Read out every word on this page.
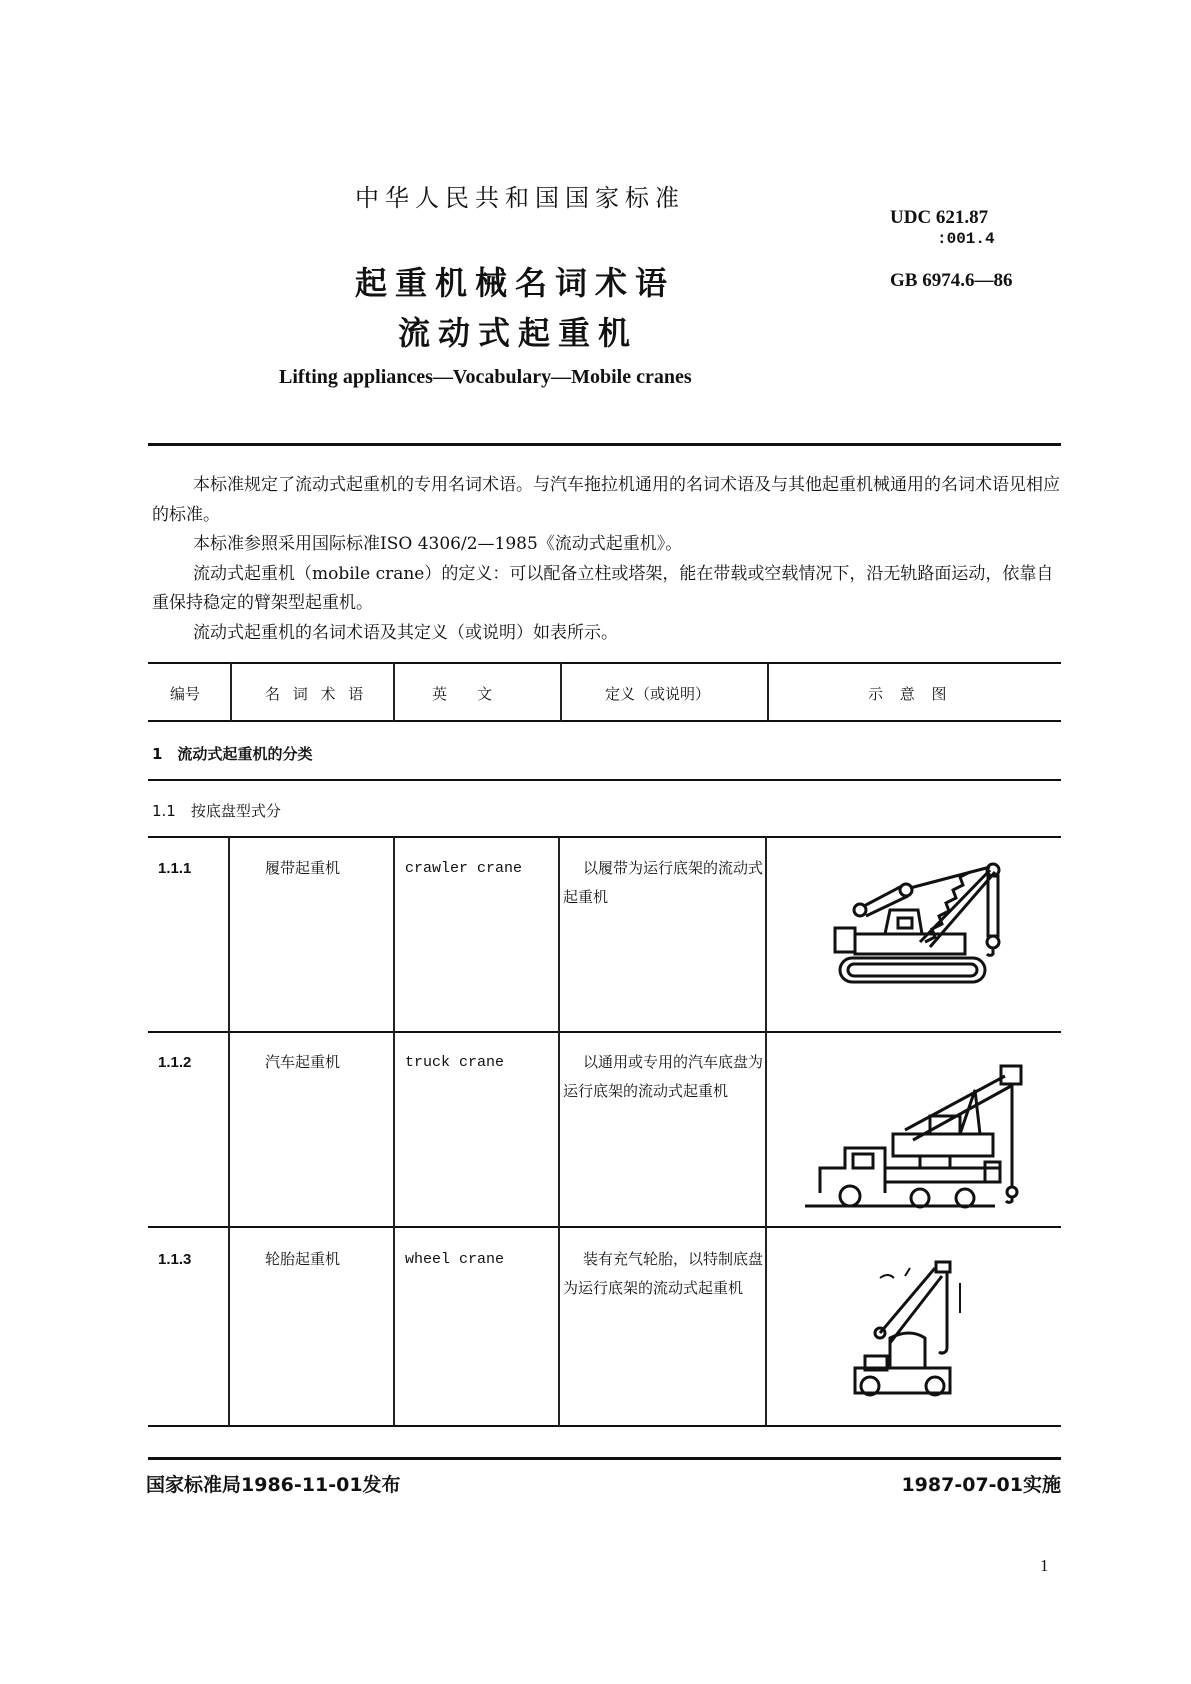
中华人民共和国国家标准
起重机械名词术语
流动式起重机
Lifting appliances—Vocabulary—Mobile cranes
UDC 621.87
:001.4
GB 6974.6—86

本标准规定了流动式起重机的专用名词术语。与汽车拖拉机通用的名词术语及与其他起重机械通用的名词术语见相应的标准。

本标准参照采用国际标准ISO 4306/2—1985《流动式起重机》。

流动式起重机（mobile crane）的定义：可以配备立柱或塔架，能在带载或空载情况下，沿无轨路面运动，依靠自重保持稳定的臂架型起重机。

流动式起重机的名词术语及其定义（或说明）如表所示。

编号	名 词 术 语	英　　文	定义（或说明）	示 意 图
1　流动式起重机的分类
1.1　按底盘型式分
1.1.1	履带起重机	crawler crane	以履带为运行底架的流动式起重机
1.1.2	汽车起重机	truck crane	以通用或专用的汽车底盘为运行底架的流动式起重机
1.1.3	轮胎起重机	wheel crane	装有充气轮胎，以特制底盘为运行底架的流动式起重机
国家标准局1986-11-01发布	1987-07-01实施
1
